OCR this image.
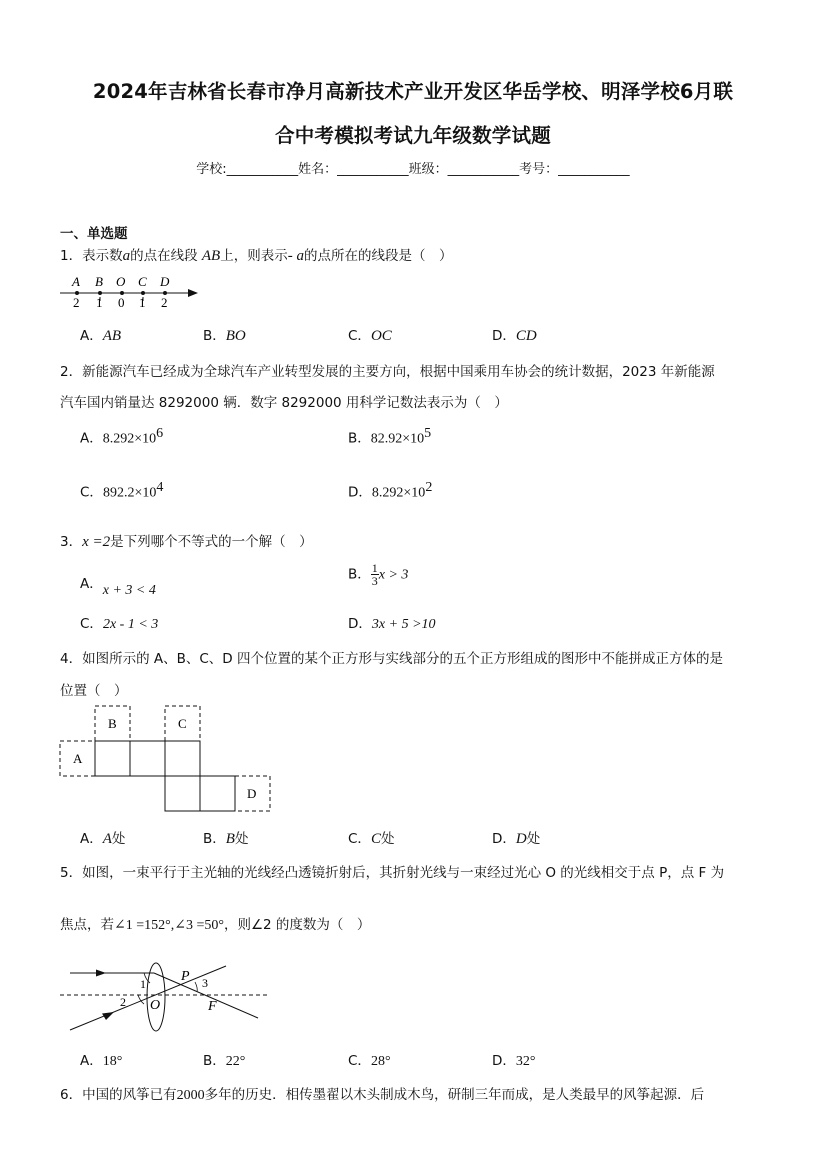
2024年吉林省长春市净月高新技术产业开发区华岳学校、明泽学校6月联
合中考模拟考试九年级数学试题
学校:___________姓名：___________班级：___________考号：___________
一、单选题
1．表示数a的点在线段 AB上，则表示- a的点所在的线段是（　）
A B O C D
2 1 0 1 2
A．AB	B．BO	C．OC	D．CD
2．新能源汽车已经成为全球汽车产业转型发展的主要方向，根据中国乘用车协会的统计数据，2023 年新能源
汽车国内销量达 8292000 辆．数字 8292000 用科学记数法表示为（　）
A．$8.292\times 10^6$	B．$82.92\times 10^5$
C．$892.2\times 10^4$	D．$8.292\times 10^2$
3．x =2是下列哪个不等式的一个解（　）
A．x + 3 < 4
B． $\frac{1}{3}$ x > 3
C．2x - 1 < 3	D．3x + 5 >10
4．如图所示的 A、B、C、D 四个位置的某个正方形与实线部分的五个正方形组成的图形中不能拼成正方体的是
位置（　）
B	C
A
D
A．A处	B．B处	C．C处	D．D处
5．如图，一束平行于主光轴的光线经凸透镜折射后，其折射光线与一束经过光心 O 的光线相交于点 P，点 F 为
焦点，若∠1 =152°,∠3 =50°，则∠2 的度数为（　）
1
2
3
P
O	F
A．18°	B．22°	C．28°	D．32°
6．中国的风筝已有2000多年的历史．相传墨翟以木头制成木鸟，研制三年而成，是人类最早的风筝起源．后
